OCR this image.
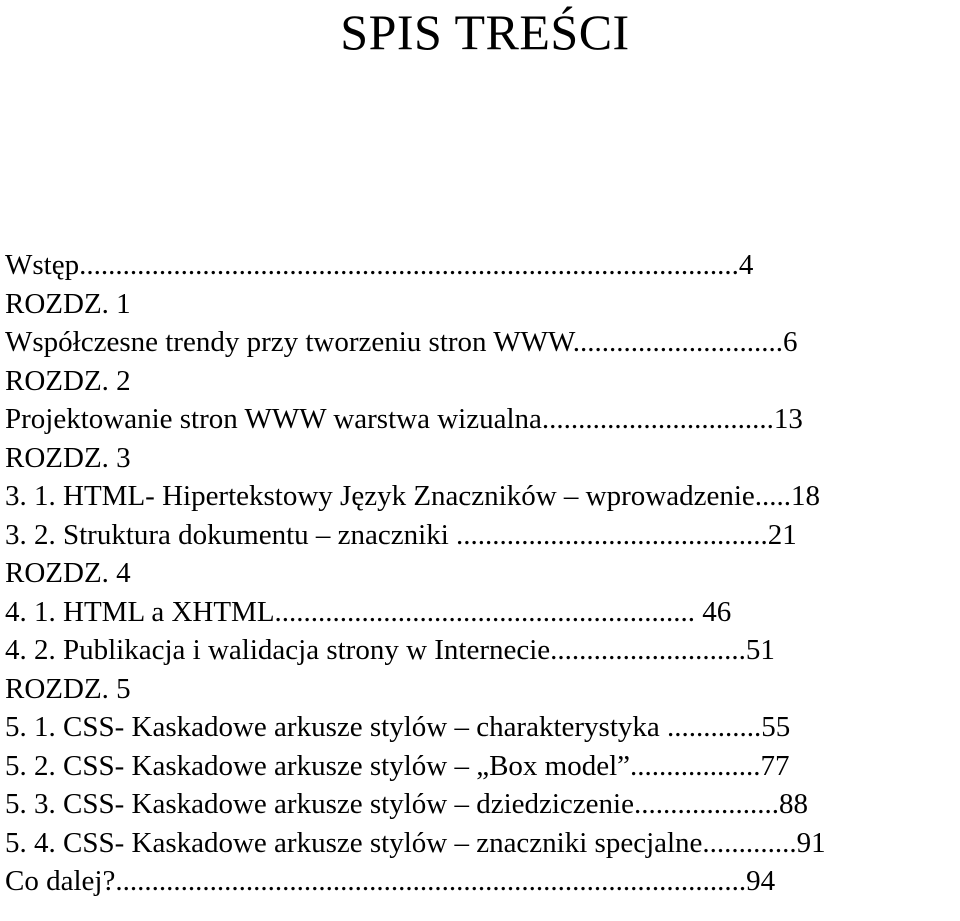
SPIS TREŚCI
Wstęp...........................................................................................4
ROZDZ. 1
Współczesne trendy przy tworzeniu stron WWW.............................6
ROZDZ. 2
Projektowanie stron WWW warstwa wizualna................................13
ROZDZ. 3
3. 1. HTML- Hipertekstowy Język Znaczników – wprowadzenie.....18
3. 2. Struktura dokumentu – znaczniki ...........................................21
ROZDZ. 4
4. 1. HTML a XHTML.......................................................... 46
4. 2. Publikacja i walidacja strony w Internecie...........................51
ROZDZ. 5
5. 1. CSS- Kaskadowe arkusze stylów – charakterystyka .............55
5. 2. CSS- Kaskadowe arkusze stylów – „Box model”..................77
5. 3. CSS- Kaskadowe arkusze stylów – dziedziczenie....................88
5. 4. CSS- Kaskadowe arkusze stylów – znaczniki specjalne.............91
Co dalej?.......................................................................................94
